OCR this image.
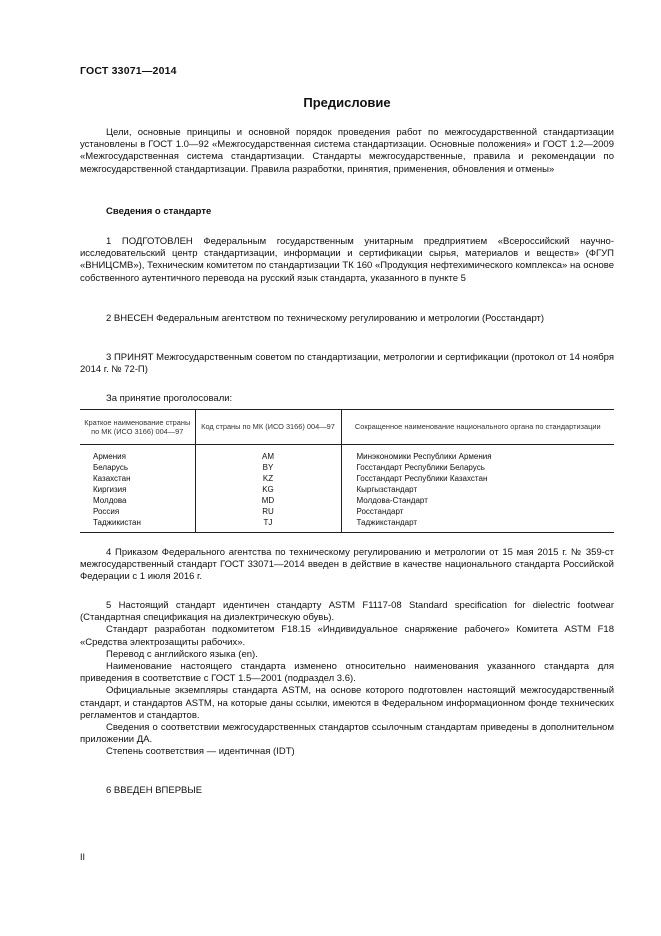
ГОСТ 33071—2014
Предисловие

Цели, основные принципы и основной порядок проведения работ по межгосударственной стандартизации установлены в ГОСТ 1.0—92 «Межгосударственная система стандартизации. Основные положения» и ГОСТ 1.2—2009 «Межгосударственная система стандартизации. Стандарты межгосударственные, правила и рекомендации по межгосударственной стандартизации. Правила разработки, принятия, применения, обновления и отмены»

Сведения о стандарте

1 ПОДГОТОВЛЕН Федеральным государственным унитарным предприятием «Всероссийский научно-исследовательский центр стандартизации, информации и сертификации сырья, материалов и веществ» (ФГУП «ВНИЦСМВ»), Техническим комитетом по стандартизации ТК 160 «Продукция нефтехимического комплекса» на основе собственного аутентичного перевода на русский язык стандарта, указанного в пункте 5

2 ВНЕСЕН Федеральным агентством по техническому регулированию и метрологии (Росстандарт)

3 ПРИНЯТ Межгосударственным советом по стандартизации, метрологии и сертификации (протокол от 14 ноября 2014 г. № 72-П)

За принятие проголосовали:
Краткое наименование страны по МК (ИСО 3166) 004—97	Код страны по МК (ИСО 3166) 004—97	Сокращенное наименование национального органа по стандартизации
Армения	AM	Минэкономики Республики Армения
Беларусь	BY	Госстандарт Республики Беларусь
Казахстан	KZ	Госстандарт Республики Казахстан
Киргизия	KG	Кыргызстандарт
Молдова	MD	Молдова-Стандарт
Россия	RU	Росстандарт
Таджикистан	TJ	Таджикстандарт

4 Приказом Федерального агентства по техническому регулированию и метрологии от 15 мая 2015 г. № 359-ст межгосударственный стандарт ГОСТ 33071—2014 введен в действие в качестве национального стандарта Российской Федерации с 1 июля 2016 г.

5 Настоящий стандарт идентичен стандарту ASTM F1117-08 Standard specification for dielectric footwear (Стандартная спецификация на диэлектрическую обувь).

Стандарт разработан подкомитетом F18.15 «Индивидуальное снаряжение рабочего» Комитета ASTM F18 «Средства электрозащиты рабочих».

Перевод с английского языка (en).

Наименование настоящего стандарта изменено относительно наименования указанного стандарта для приведения в соответствие с ГОСТ 1.5—2001 (подраздел 3.6).

Официальные экземпляры стандарта ASTM, на основе которого подготовлен настоящий межгосударственный стандарт, и стандартов ASTM, на которые даны ссылки, имеются в Федеральном информационном фонде технических регламентов и стандартов.

Сведения о соответствии межгосударственных стандартов ссылочным стандартам приведены в дополнительном приложении ДА.

Степень соответствия — идентичная (IDT)

6 ВВЕДЕН ВПЕРВЫЕ

II
